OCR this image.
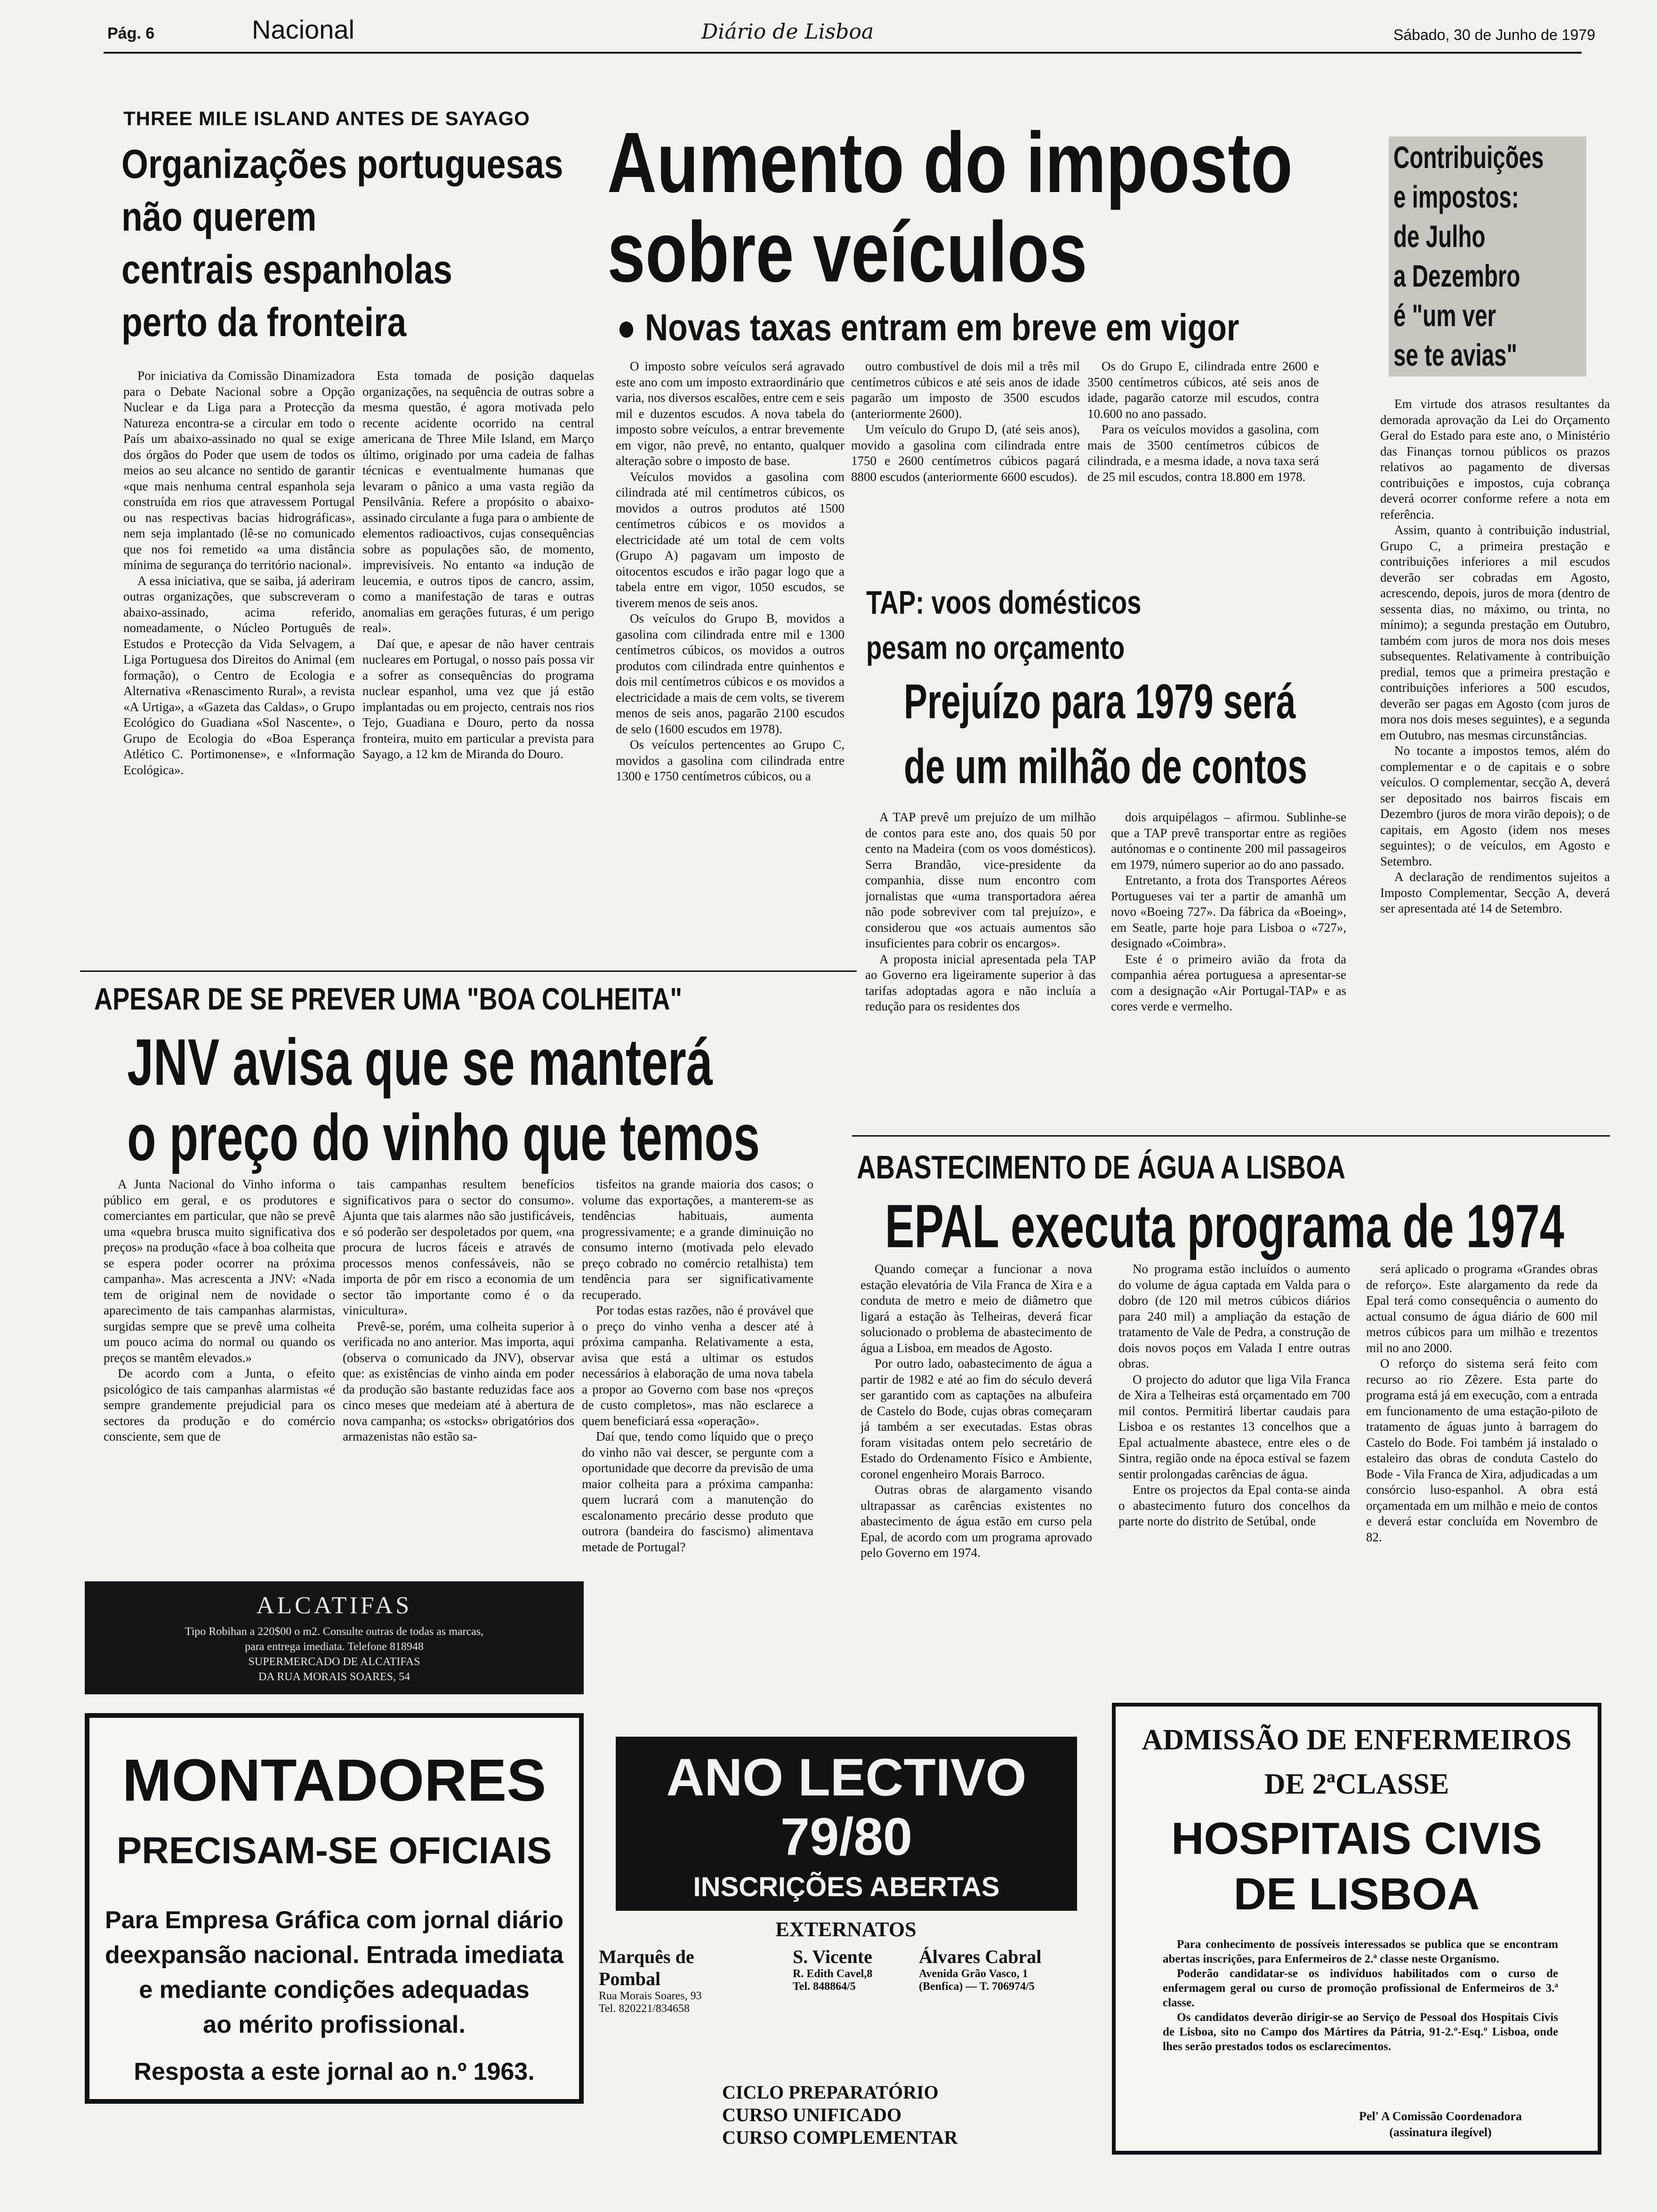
Pág. 6	Nacional	Diário de Lisboa	Sábado, 30 de Junho de 1979
THREE MILE ISLAND ANTES DE SAYAGO
Organizações portuguesas
não querem
centrais espanholas
perto da fronteira

Por iniciativa da Comissão Dinamizadora para o Debate Nacional sobre a Opção Nuclear e da Liga para a Protecção da Natureza encontra-se a circular em todo o País um abaixo-assinado no qual se exige dos órgãos do Poder que usem de todos os meios ao seu alcance no sentido de garantir «que mais nenhuma central espanhola seja construída em rios que atravessem Portugal ou nas respectivas bacias hidrográficas», nem seja implantado (lê-se no comunicado que nos foi remetido «a uma distância mínima de segurança do território nacional».

A essa iniciativa, que se saiba, já aderiram outras organizações, que subscreveram o abaixo-assinado, acima referido, nomeadamente, o Núcleo Português de Estudos e Protecção da Vida Selvagem, a Liga Portuguesa dos Direitos do Animal (em formação), o Centro de Ecologia e Alternativa «Renascimento Rural», a revista «A Urtiga», a «Gazeta das Caldas», o Grupo Ecológico do Guadiana «Sol Nascente», o Grupo de Ecologia do «Boa Esperança Atlético C. Portimonense», e «Informação Ecológica».

Esta tomada de posição daquelas organizações, na sequência de outras sobre a mesma questão, é agora motivada pelo recente acidente ocorrido na central americana de Three Mile Island, em Março último, originado por uma cadeia de falhas técnicas e eventualmente humanas que levaram o pânico a uma vasta região da Pensilvânia. Refere a propósito o abaixo-assinado circulante a fuga para o ambiente de elementos radioactivos, cujas consequências sobre as populações são, de momento, imprevisíveis. No entanto «a indução de leucemia, e outros tipos de cancro, assim, como a manifestação de taras e outras anomalias em gerações futuras, é um perigo real».

Daí que, e apesar de não haver centrais nucleares em Portugal, o nosso país possa vir a sofrer as consequências do programa nuclear espanhol, uma vez que já estão implantadas ou em projecto, centrais nos rios Tejo, Guadiana e Douro, perto da nossa fronteira, muito em particular a prevista para Sayago, a 12 km de Miranda do Douro.

Aumento do imposto
sobre veículos
● Novas taxas entram em breve em vigor

O imposto sobre veículos será agravado este ano com um imposto extraordinário que varia, nos diversos escalões, entre cem e seis mil e duzentos escudos. A nova tabela do imposto sobre veículos, a entrar brevemente em vigor, não prevê, no entanto, qualquer alteração sobre o imposto de base.

Veículos movidos a gasolina com cilindrada até mil centímetros cúbicos, os movidos a outros produtos até 1500 centímetros cúbicos e os movidos a electricidade até um total de cem volts (Grupo A) pagavam um imposto de oitocentos escudos e irão pagar logo que a tabela entre em vigor, 1050 escudos, se tiverem menos de seis anos.

Os veículos do Grupo B, movidos a gasolina com cilindrada entre mil e 1300 centímetros cúbicos, os movidos a outros produtos com cilindrada entre quinhentos e dois mil centímetros cúbicos e os movidos a electricidade a mais de cem volts, se tiverem menos de seis anos, pagarão 2100 escudos de selo (1600 escudos em 1978).

Os veículos pertencentes ao Grupo C, movidos a gasolina com cilindrada entre 1300 e 1750 centímetros cúbicos, ou a

outro combustível de dois mil a três mil centímetros cúbicos e até seis anos de idade pagarão um imposto de 3500 escudos (anteriormente 2600).

Um veículo do Grupo D, (até seis anos), movido a gasolina com cilindrada entre 1750 e 2600 centímetros cúbicos pagará 8800 escudos (anteriormente 6600 escudos).

Os do Grupo E, cilindrada entre 2600 e 3500 centímetros cúbicos, até seis anos de idade, pagarão catorze mil escudos, contra 10.600 no ano passado.

Para os veículos movidos a gasolina, com mais de 3500 centímetros cúbicos de cilindrada, e a mesma idade, a nova taxa será de 25 mil escudos, contra 18.800 em 1978.

Contribuições
e impostos:
de Julho
a Dezembro
é "um ver
se te avias"

Em virtude dos atrasos resultantes da demorada aprovação da Lei do Orçamento Geral do Estado para este ano, o Ministério das Finanças tornou públicos os prazos relativos ao pagamento de diversas contribuições e impostos, cuja cobrança deverá ocorrer conforme refere a nota em referência.

Assim, quanto à contribuição industrial, Grupo C, a primeira prestação e contribuições inferiores a mil escudos deverão ser cobradas em Agosto, acrescendo, depois, juros de mora (dentro de sessenta dias, no máximo, ou trinta, no mínimo); a segunda prestação em Outubro, também com juros de mora nos dois meses subsequentes. Relativamente à contribuição predial, temos que a primeira prestação e contribuições inferiores a 500 escudos, deverão ser pagas em Agosto (com juros de mora nos dois meses seguintes), e a segunda em Outubro, nas mesmas circunstâncias.

No tocante a impostos temos, além do complementar e o de capitais e o sobre veículos. O complementar, secção A, deverá ser depositado nos bairros fiscais em Dezembro (juros de mora virão depois); o de capitais, em Agosto (idem nos meses seguintes); o de veículos, em Agosto e Setembro.

A declaração de rendimentos sujeitos a Imposto Complementar, Secção A, deverá ser apresentada até 14 de Setembro.

TAP: voos domésticos
pesam no orçamento
Prejuízo para 1979 será
de um milhão de contos

A TAP prevê um prejuízo de um milhão de contos para este ano, dos quais 50 por cento na Madeira (com os voos domésticos). Serra Brandão, vice-presidente da companhia, disse num encontro com jornalistas que «uma transportadora aérea não pode sobreviver com tal prejuízo», e considerou que «os actuais aumentos são insuficientes para cobrir os encargos».

A proposta inicial apresentada pela TAP ao Governo era ligeiramente superior à das tarifas adoptadas agora e não incluía a redução para os residentes dos

dois arquipélagos – afirmou. Sublinhe-se que a TAP prevê transportar entre as regiões autónomas e o continente 200 mil passageiros em 1979, número superior ao do ano passado.

Entretanto, a frota dos Transportes Aéreos Portugueses vai ter a partir de amanhã um novo «Boeing 727». Da fábrica da «Boeing», em Seatle, parte hoje para Lisboa o «727», designado «Coimbra».

Este é o primeiro avião da frota da companhia aérea portuguesa a apresentar-se com a designação «Air Portugal-TAP» e as cores verde e vermelho.

APESAR DE SE PREVER UMA "BOA COLHEITA"
JNV avisa que se manterá
o preço do vinho que temos

A Junta Nacional do Vinho informa o público em geral, e os produtores e comerciantes em particular, que não se prevê uma «quebra brusca muito significativa dos preços» na produção «face à boa colheita que se espera poder ocorrer na próxima campanha». Mas acrescenta a JNV: «Nada tem de original nem de novidade o aparecimento de tais campanhas alarmistas, surgidas sempre que se prevê uma colheita um pouco acima do normal ou quando os preços se mantêm elevados.»

De acordo com a Junta, o efeito psicológico de tais campanhas alarmistas «é sempre grandemente prejudicial para os sectores da produção e do comércio consciente, sem que de

tais campanhas resultem benefícios significativos para o sector do consumo». Ajunta que tais alarmes não são justificáveis, e só poderão ser despoletados por quem, «na procura de lucros fáceis e através de processos menos confessáveis, não se importa de pôr em risco a economia de um sector tão importante como é o da vinicultura».

Prevê-se, porém, uma colheita superior à verificada no ano anterior. Mas importa, aqui (observa o comunicado da JNV), observar que: as existências de vinho ainda em poder da produção são bastante reduzidas face aos cinco meses que medeiam até à abertura de nova campanha; os «stocks» obrigatórios dos armazenistas não estão sa-

tisfeitos na grande maioria dos casos; o volume das exportações, a manterem-se as tendências habituais, aumenta progressivamente; e a grande diminuição no consumo interno (motivada pelo elevado preço cobrado no comércio retalhista) tem tendência para ser significativamente recuperado.

Por todas estas razões, não é provável que o preço do vinho venha a descer até à próxima campanha. Relativamente a esta, avisa que está a ultimar os estudos necessários à elaboração de uma nova tabela a propor ao Governo com base nos «preços de custo completos», mas não esclarece a quem beneficiará essa «operação».

Daí que, tendo como líquido que o preço do vinho não vai descer, se pergunte com a oportunidade que decorre da previsão de uma maior colheita para a próxima campanha: quem lucrará com a manutenção do escalonamento precário desse produto que outrora (bandeira do fascismo) alimentava metade de Portugal?

ABASTECIMENTO DE ÁGUA A LISBOA
EPAL executa programa de 1974

Quando começar a funcionar a nova estação elevatória de Vila Franca de Xira e a conduta de metro e meio de diâmetro que ligará a estação às Telheiras, deverá ficar solucionado o problema de abastecimento de água a Lisboa, em meados de Agosto.

Por outro lado, oabastecimento de água a partir de 1982 e até ao fim do século deverá ser garantido com as captações na albufeira de Castelo do Bode, cujas obras começaram já também a ser executadas. Estas obras foram visitadas ontem pelo secretário de Estado do Ordenamento Físico e Ambiente, coronel engenheiro Morais Barroco.

Outras obras de alargamento visando ultrapassar as carências existentes no abastecimento de água estão em curso pela Epal, de acordo com um programa aprovado pelo Governo em 1974.

No programa estão incluídos o aumento do volume de água captada em Valda para o dobro (de 120 mil metros cúbicos diários para 240 mil) a ampliação da estação de tratamento de Vale de Pedra, a construção de dois novos poços em Valada I entre outras obras.

O projecto do adutor que liga Vila Franca de Xira a Telheiras está orçamentado em 700 mil contos. Permitirá libertar caudais para Lisboa e os restantes 13 concelhos que a Epal actualmente abastece, entre eles o de Sintra, região onde na época estival se fazem sentir prolongadas carências de água.

Entre os projectos da Epal conta-se ainda o abastecimento futuro dos concelhos da parte norte do distrito de Setúbal, onde

será aplicado o programa «Grandes obras de reforço». Este alargamento da rede da Epal terá como consequência o aumento do actual consumo de água diário de 600 mil metros cúbicos para um milhão e trezentos mil no ano 2000.

O reforço do sistema será feito com recurso ao rio Zêzere. Esta parte do programa está já em execução, com a entrada em funcionamento de uma estação-piloto de tratamento de águas junto à barragem do Castelo do Bode. Foi também já instalado o estaleiro das obras de conduta Castelo do Bode - Vila Franca de Xira, adjudicadas a um consórcio luso-espanhol. A obra está orçamentada em um milhão e meio de contos e deverá estar concluída em Novembro de 82.

ALCATIFAS
Tipo Robihan a 220$00 o m2. Consulte outras de todas as marcas,
para entrega imediata. Telefone 818948
SUPERMERCADO DE ALCATIFAS
DA RUA MORAIS SOARES, 54
MONTADORES
PRECISAM-SE OFICIAIS
Para Empresa Gráfica com jornal diário
deexpansão nacional. Entrada imediata
e mediante condições adequadas
ao mérito profissional.
Resposta a este jornal ao n.º 1963.
ANO LECTIVO
79/80
INSCRIÇÕES ABERTAS
EXTERNATOS
Marquês de Pombal
Rua Morais Soares, 93
Tel. 820221/834658
S. Vicente
R. Edith Cavel,8
Tel. 848864/5
Álvares Cabral
Avenida Grão Vasco, 1
(Benfica) — T. 706974/5
CICLO PREPARATÓRIO
CURSO UNIFICADO
CURSO COMPLEMENTAR
ADMISSÃO DE ENFERMEIROS
DE 2ªCLASSE
HOSPITAIS CIVIS
DE LISBOA

Para conhecimento de possíveis interessados se publica que se encontram abertas inscrições, para Enfermeiros de 2.ª classe neste Organismo.

Poderão candidatar-se os indivíduos habilitados com o curso de enfermagem geral ou curso de promoção profissional de Enfermeiros de 3.ª classe.

Os candidatos deverão dirigir-se ao Serviço de Pessoal dos Hospitais Civis de Lisboa, sito no Campo dos Mártires da Pátria, 91-2.º-Esq.º Lisboa, onde lhes serão prestados todos os esclarecimentos.

Pel' A Comissão Coordenadora
(assinatura ilegível)
